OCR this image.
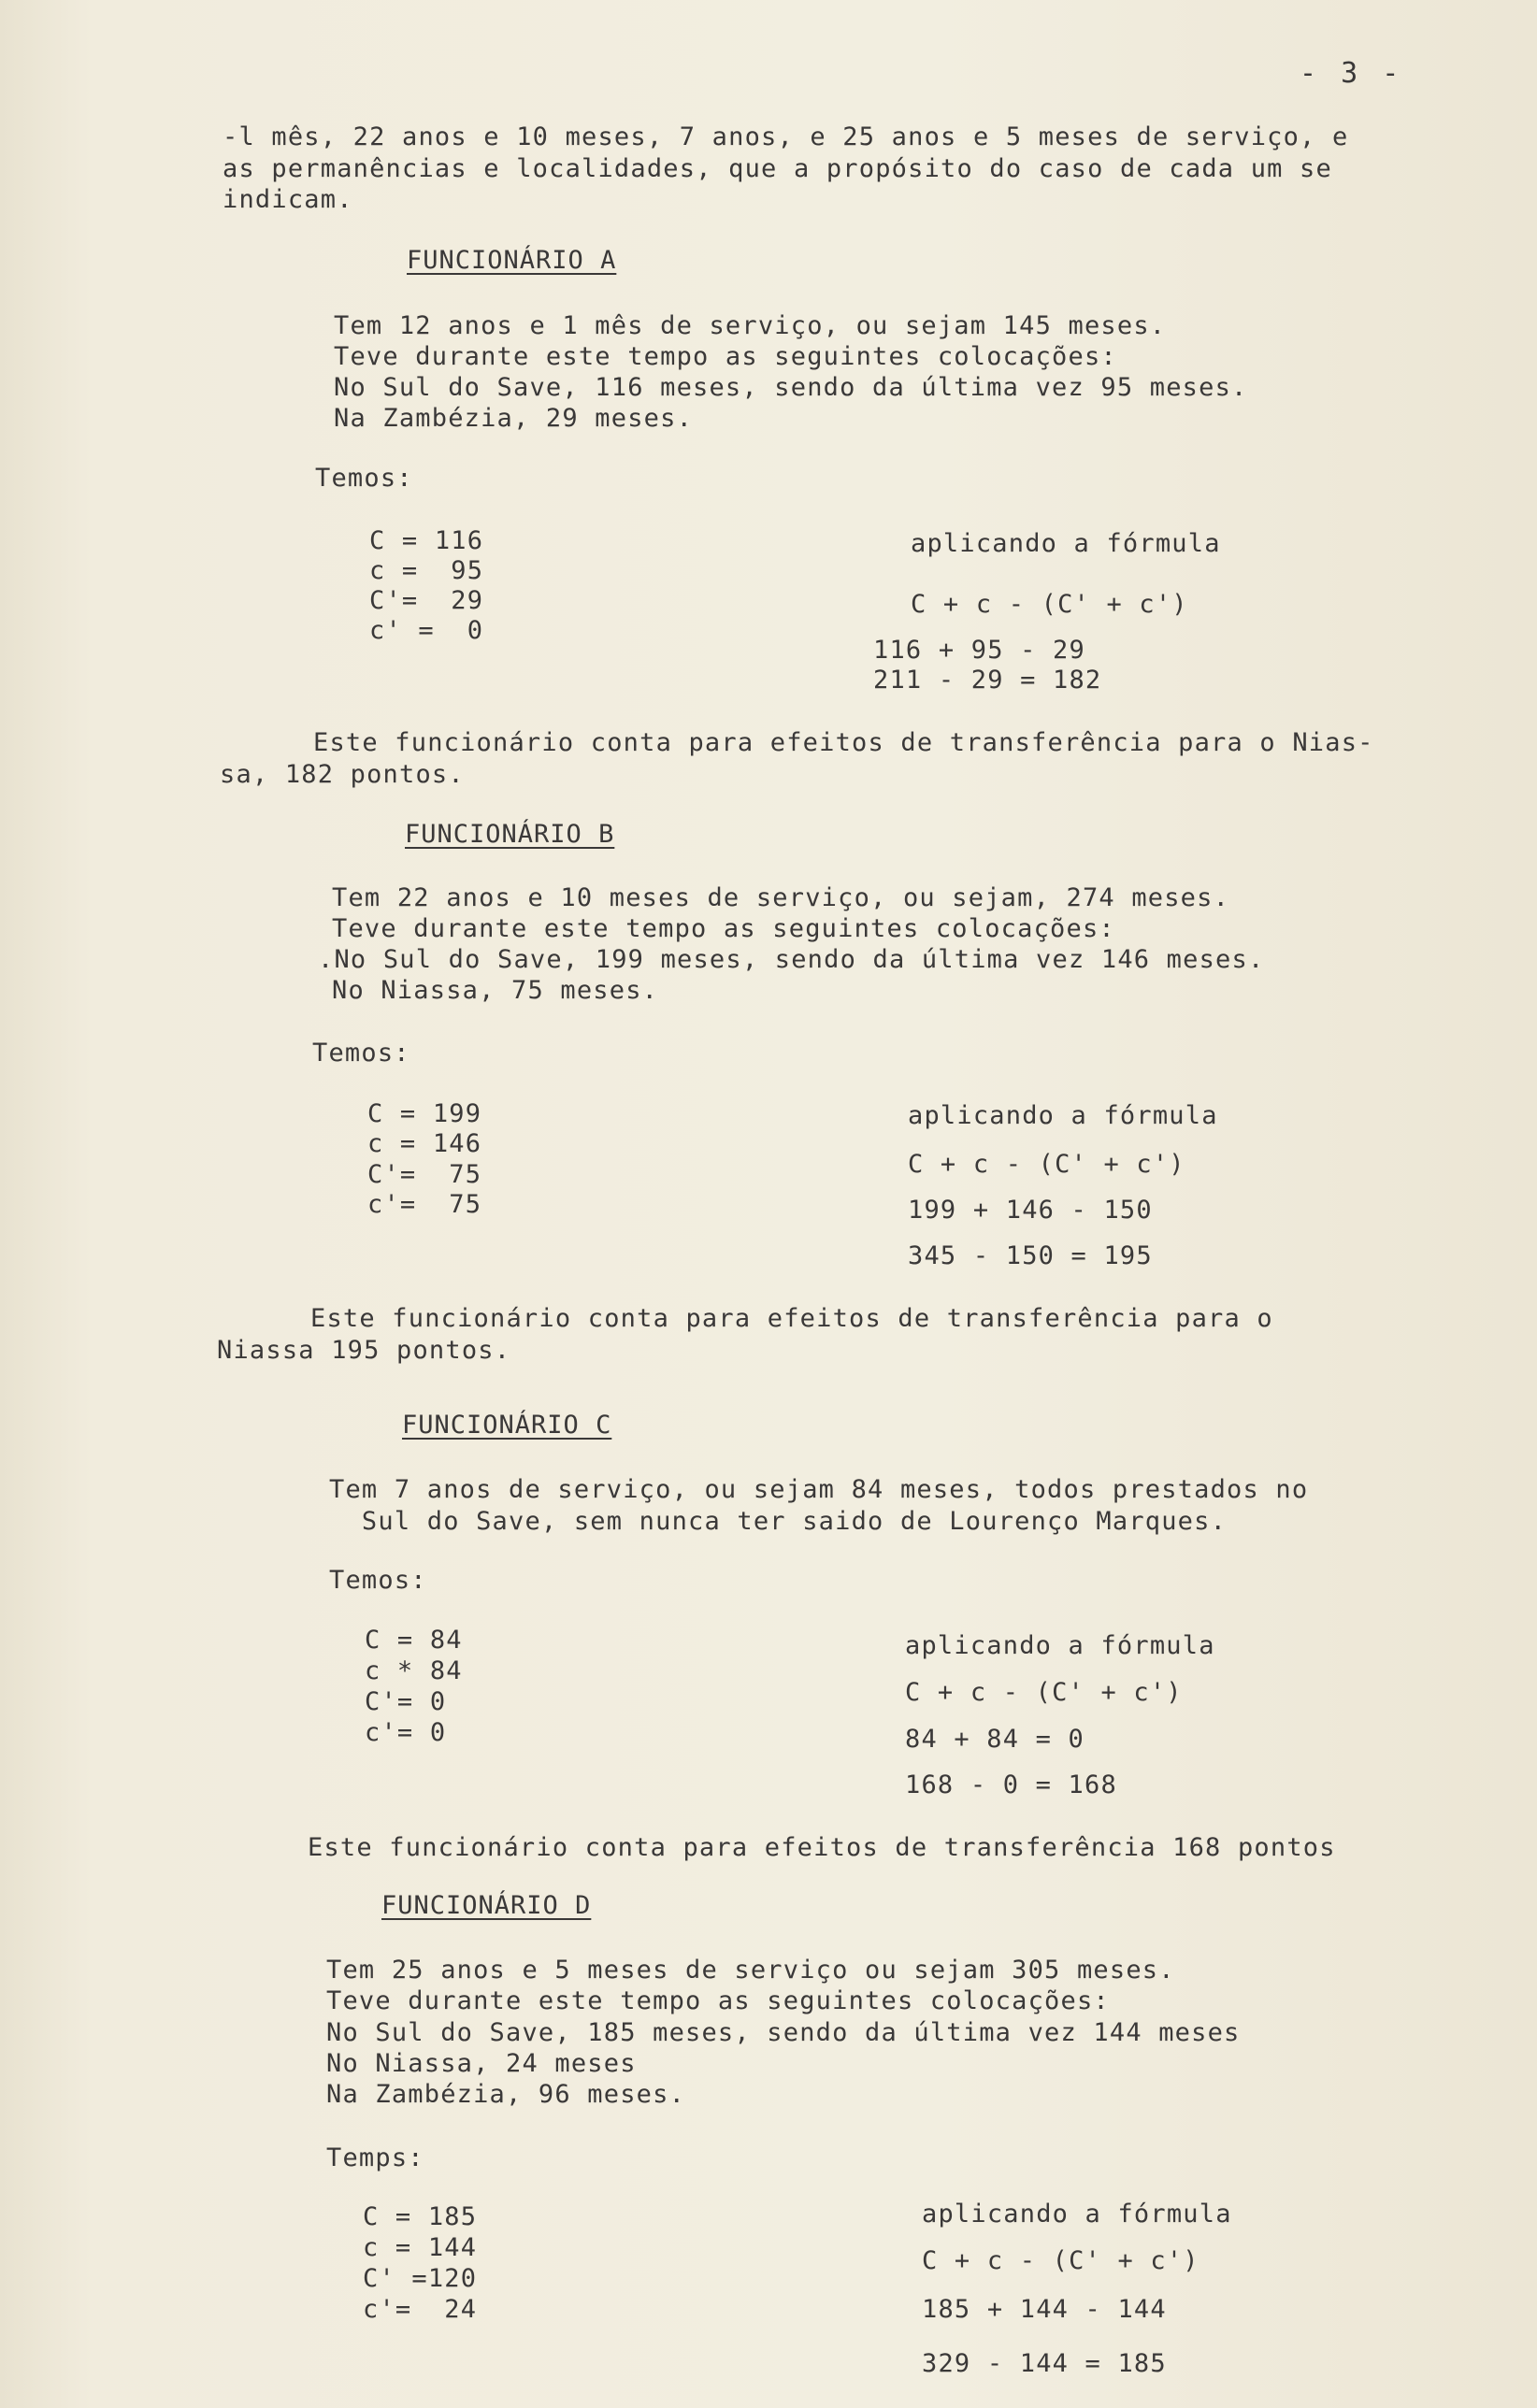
- 3 -
-l mês, 22 anos e 10 meses, 7 anos, e 25 anos e 5 meses de serviço, e
as permanências e localidades, que a propósito do caso de cada um se
indicam.
FUNCIONÁRIO A
Tem 12 anos e 1 mês de serviço, ou sejam 145 meses.
Teve durante este tempo as seguintes colocações:
No Sul do Save, 116 meses, sendo da última vez 95 meses.
Na Zambézia, 29 meses.
Temos:
C = 116
c =  95
C'=  29
c' =  0
aplicando a fórmula
C + c - (C' + c')
116 + 95 - 29
211 - 29 = 182
Este funcionário conta para efeitos de transferência para o Nias-
sa, 182 pontos.
FUNCIONÁRIO B
Tem 22 anos e 10 meses de serviço, ou sejam, 274 meses.
Teve durante este tempo as seguintes colocações:
.No Sul do Save, 199 meses, sendo da última vez 146 meses.
No Niassa, 75 meses.
Temos:
C = 199
c = 146
C'=  75
c'=  75
aplicando a fórmula
C + c - (C' + c')
199 + 146 - 150
345 - 150 = 195
Este funcionário conta para efeitos de transferência para o
Niassa 195 pontos.
FUNCIONÁRIO C
Tem 7 anos de serviço, ou sejam 84 meses, todos prestados no
Sul do Save, sem nunca ter saido de Lourenço Marques.
Temos:
C = 84
c * 84
C'= 0
c'= 0
aplicando a fórmula
C + c - (C' + c')
84 + 84 = 0
168 - 0 = 168
Este funcionário conta para efeitos de transferência 168 pontos
FUNCIONÁRIO D
Tem 25 anos e 5 meses de serviço ou sejam 305 meses.
Teve durante este tempo as seguintes colocações:
No Sul do Save, 185 meses, sendo da última vez 144 meses
No Niassa, 24 meses
Na Zambézia, 96 meses.
Temps:
C = 185
c = 144
C' =120
c'=  24
aplicando a fórmula
C + c - (C' + c')
185 + 144 - 144
329 - 144 = 185
